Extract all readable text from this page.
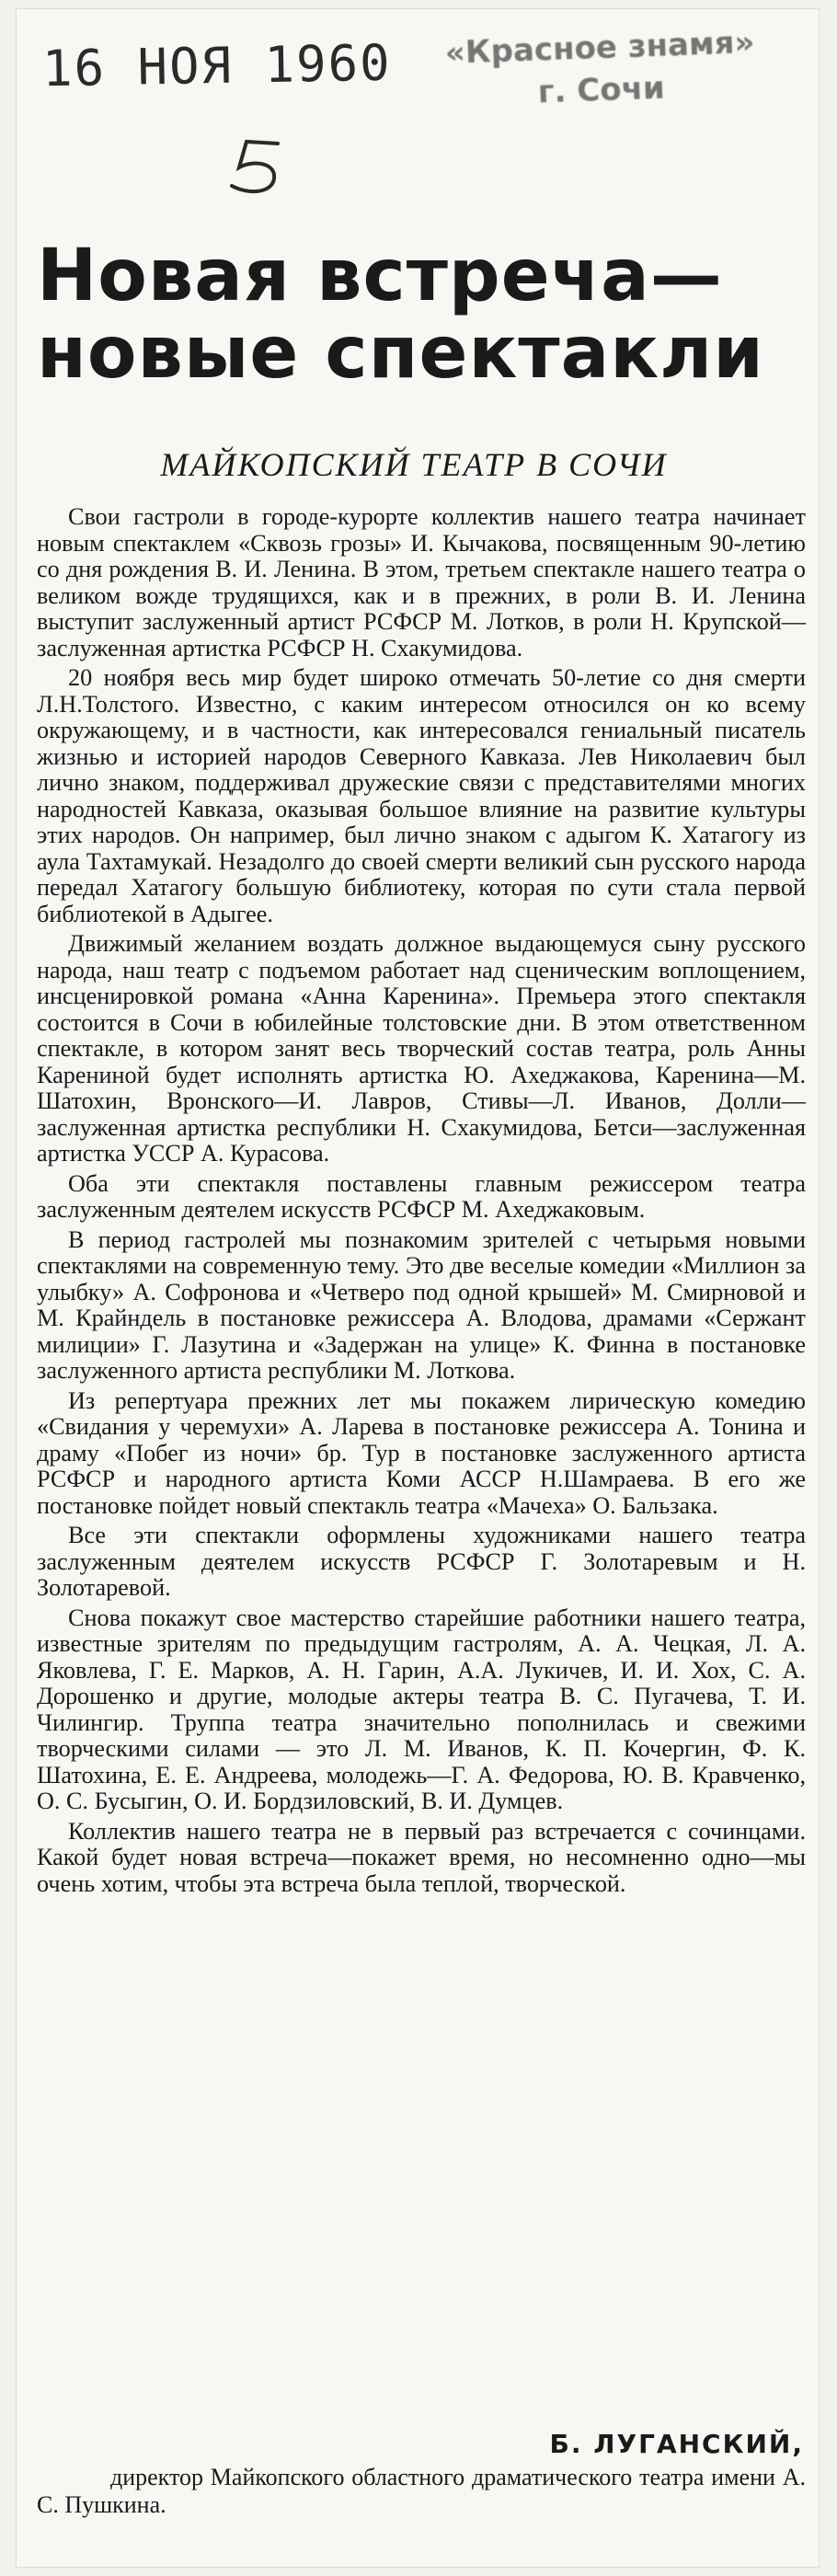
16 НОЯ 1960	«Красное знамя»
г. Сочи
Новая встреча—
новые спектакли
МАЙКОПСКИЙ ТЕАТР В СОЧИ

Свои гастроли в городе-курорте коллектив нашего театра начинает новым спектаклем «Сквозь грозы» И. Кычакова, посвященным 90-летию со дня рождения В. И. Ленина. В этом, третьем спектакле нашего театра о великом вожде трудящихся, как и в прежних, в роли В. И. Ленина выступит заслуженный артист РСФСР М. Лотков, в роли Н. Крупской—заслуженная артистка РСФСР Н. Схакумидова.

20 ноября весь мир будет широко отмечать 50-летие со дня смерти Л.Н.Толстого. Известно, с каким интересом относился он ко всему окружающему, и в частности, как интересовался гениальный писатель жизнью и историей народов Северного Кавказа. Лев Николаевич был лично знаком, поддерживал дружеские связи с представителями многих народностей Кавказа, оказывая большое влияние на развитие культуры этих народов. Он например, был лично знаком с адыгом К. Хатагогу из аула Тахтамукай. Незадолго до своей смерти великий сын русского народа передал Хатагогу большую библиотеку, которая по сути стала первой библиотекой в Адыгее.

Движимый желанием воздать должное выдающемуся сыну русского народа, наш театр с подъемом работает над сценическим воплощением, инсценировкой романа «Анна Каренина». Премьера этого спектакля состоится в Сочи в юбилейные толстовские дни. В этом ответственном спектакле, в котором занят весь творческий состав театра, роль Анны Карениной будет исполнять артистка Ю. Ахеджакова, Каренина—М. Шатохин, Вронского—И. Лавров, Стивы—Л. Иванов, Долли—заслуженная артистка республики Н. Схакумидова, Бетси—заслуженная артистка УССР А. Курасова.

Оба эти спектакля поставлены главным режиссером театра заслуженным деятелем искусств РСФСР М. Ахеджаковым.

В период гастролей мы познакомим зрителей с четырьмя новыми спектаклями на современную тему. Это две веселые комедии «Миллион за улыбку» А. Софронова и «Четверо под одной крышей» М. Смирновой и М. Крайндель в постановке режиссера А. Влодова, драмами «Сержант милиции» Г. Лазутина и «Задержан на улице» К. Финна в постановке заслуженного артиста республики М. Лоткова.

Из репертуара прежних лет мы покажем лирическую комедию «Свидания у черемухи» А. Ларева в постановке режиссера А. Тонина и драму «Побег из ночи» бр. Тур в постановке заслуженного артиста РСФСР и народного артиста Коми АССР Н.Шамраева. В его же постановке пойдет новый спектакль театра «Мачеха» О. Бальзака.

Все эти спектакли оформлены художниками нашего театра заслуженным деятелем искусств РСФСР Г. Золотаревым и Н. Золотаревой.

Снова покажут свое мастерство старейшие работники нашего театра, известные зрителям по предыдущим гастролям, А. А. Чецкая, Л. А. Яковлева, Г. Е. Марков, А. Н. Гарин, А.А. Лукичев, И. И. Хох, С. А. Дорошенко и другие, молодые актеры театра В. С. Пугачева, Т. И. Чилингир. Труппа театра значительно пополнилась и свежими творческими силами — это Л. М. Иванов, К. П. Кочергин, Ф. К. Шатохина, Е. Е. Андреева, молодежь—Г. А. Федорова, Ю. В. Кравченко, О. С. Бусыгин, О. И. Бордзиловский, В. И. Думцев.

Коллектив нашего театра не в первый раз встречается с сочинцами. Какой будет новая встреча—покажет время, но несомненно одно—мы очень хотим, чтобы эта встреча была теплой, творческой.

Б. ЛУГАНСКИЙ,
директор Майкопского областного драматического театра имени А. С. Пушкина.
